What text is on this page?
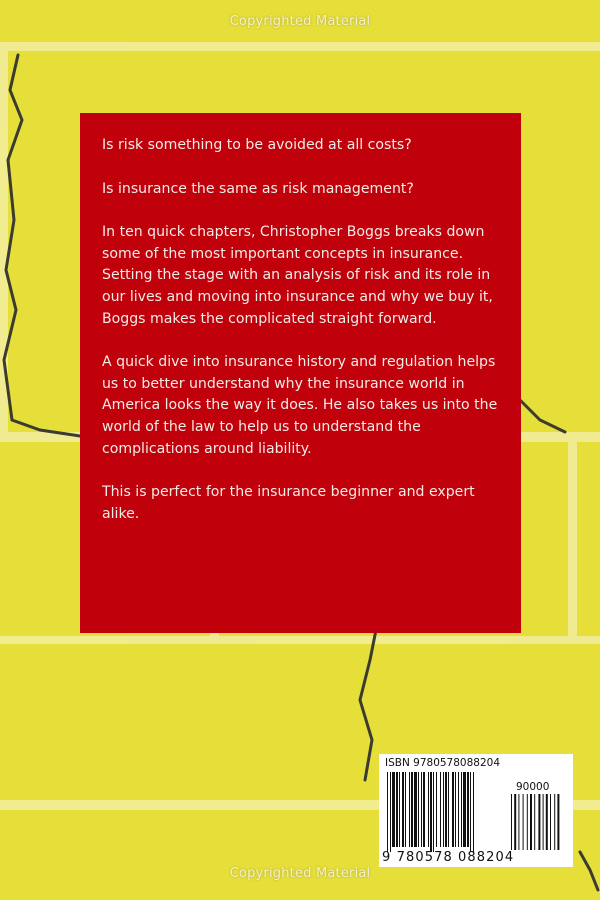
Copyrighted Material

Is risk something to be avoided at all costs?

Is insurance the same as risk management?

In ten quick chapters, Christopher Boggs breaks down some of the most important concepts in insurance. Setting the stage with an analysis of risk and its role in our lives and moving into insurance and why we buy it, Boggs makes the complicated straight forward.

A quick dive into insurance history and regulation helps us to better understand why the insurance world in America looks the way it does. He also takes us into the world of the law to help us to understand the complications around liability.

This is perfect for the insurance beginner and expert alike.

ISBN 9780578088204
90000
9 780578 088204
Copyrighted Material
